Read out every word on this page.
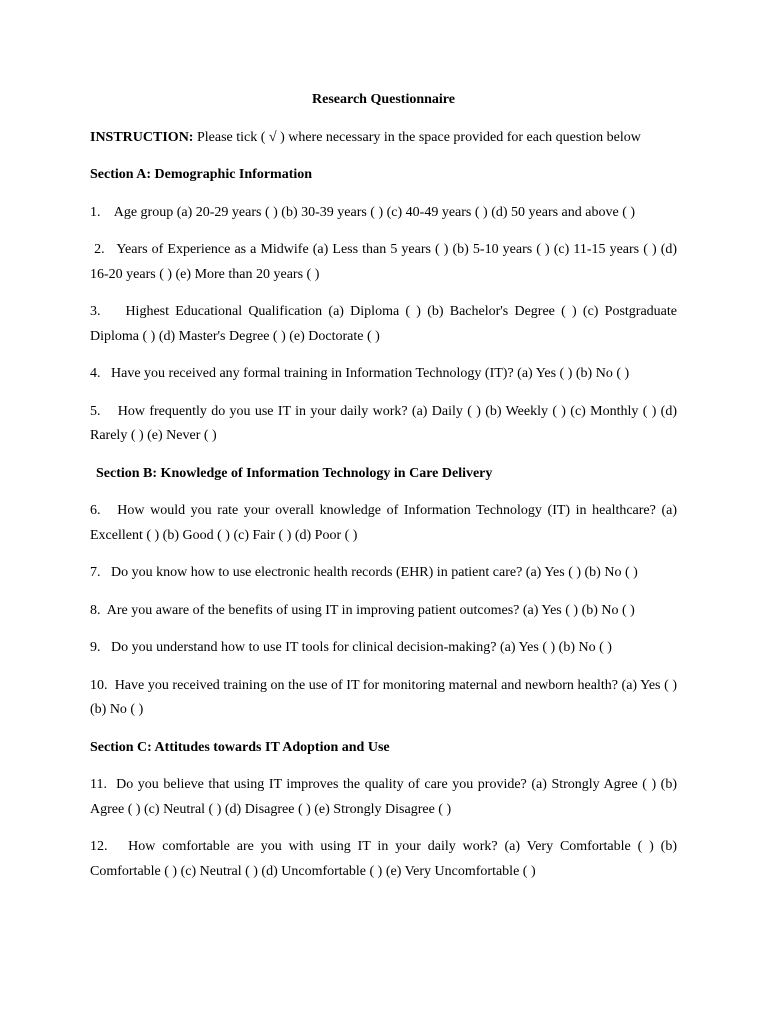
Research Questionnaire
INSTRUCTION: Please tick ( √ ) where necessary in the space provided for each question below
Section A: Demographic Information
1. Age group (a) 20-29 years ( ) (b) 30-39 years ( ) (c) 40-49 years ( ) (d) 50 years and above ( )
2. Years of Experience as a Midwife (a) Less than 5 years ( ) (b) 5-10 years ( ) (c) 11-15 years ( ) (d) 16-20 years ( ) (e) More than 20 years ( )
3. Highest Educational Qualification (a) Diploma ( ) (b) Bachelor's Degree ( ) (c) Postgraduate Diploma ( ) (d) Master's Degree ( ) (e) Doctorate ( )
4. Have you received any formal training in Information Technology (IT)? (a) Yes ( ) (b) No ( )
5. How frequently do you use IT in your daily work? (a) Daily ( ) (b) Weekly ( ) (c) Monthly ( ) (d) Rarely ( ) (e) Never ( )
Section B: Knowledge of Information Technology in Care Delivery
6. How would you rate your overall knowledge of Information Technology (IT) in healthcare? (a) Excellent ( ) (b) Good ( ) (c) Fair ( ) (d) Poor ( )
7. Do you know how to use electronic health records (EHR) in patient care? (a) Yes ( ) (b) No ( )
8. Are you aware of the benefits of using IT in improving patient outcomes? (a) Yes ( ) (b) No ( )
9. Do you understand how to use IT tools for clinical decision-making? (a) Yes ( ) (b) No ( )
10. Have you received training on the use of IT for monitoring maternal and newborn health? (a) Yes ( ) (b) No ( )
Section C: Attitudes towards IT Adoption and Use
11. Do you believe that using IT improves the quality of care you provide? (a) Strongly Agree ( ) (b) Agree ( ) (c) Neutral ( ) (d) Disagree ( ) (e) Strongly Disagree ( )
12. How comfortable are you with using IT in your daily work? (a) Very Comfortable ( ) (b) Comfortable ( ) (c) Neutral ( ) (d) Uncomfortable ( ) (e) Very Uncomfortable ( )
